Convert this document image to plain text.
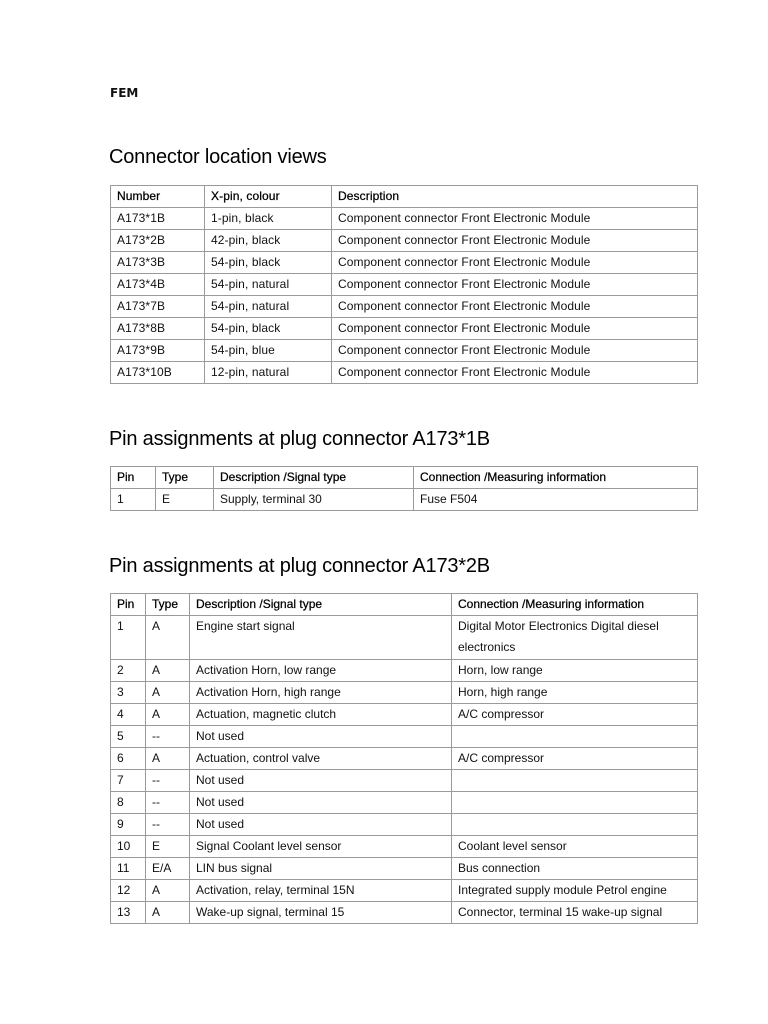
FEM
Connector location views
Number	X-pin, colour	Description
A173*1B	1-pin, black	Component connector Front Electronic Module
A173*2B	42-pin, black	Component connector Front Electronic Module
A173*3B	54-pin, black	Component connector Front Electronic Module
A173*4B	54-pin, natural	Component connector Front Electronic Module
A173*7B	54-pin, natural	Component connector Front Electronic Module
A173*8B	54-pin, black	Component connector Front Electronic Module
A173*9B	54-pin, blue	Component connector Front Electronic Module
A173*10B	12-pin, natural	Component connector Front Electronic Module
Pin assignments at plug connector A173*1B
Pin	Type	Description /Signal type	Connection /Measuring information
1	E	Supply, terminal 30	Fuse F504
Pin assignments at plug connector A173*2B
Pin	Type	Description /Signal type	Connection /Measuring information
1	A	Engine start signal	Digital Motor Electronics Digital diesel electronics
2	A	Activation Horn, low range	Horn, low range
3	A	Activation Horn, high range	Horn, high range
4	A	Actuation, magnetic clutch	A/C compressor
5	--	Not used	
6	A	Actuation, control valve	A/C compressor
7	--	Not used	
8	--	Not used	
9	--	Not used	
10	E	Signal Coolant level sensor	Coolant level sensor
11	E/A	LIN bus signal	Bus connection
12	A	Activation, relay, terminal 15N	Integrated supply module Petrol engine
13	A	Wake-up signal, terminal 15	Connector, terminal 15 wake-up signal
